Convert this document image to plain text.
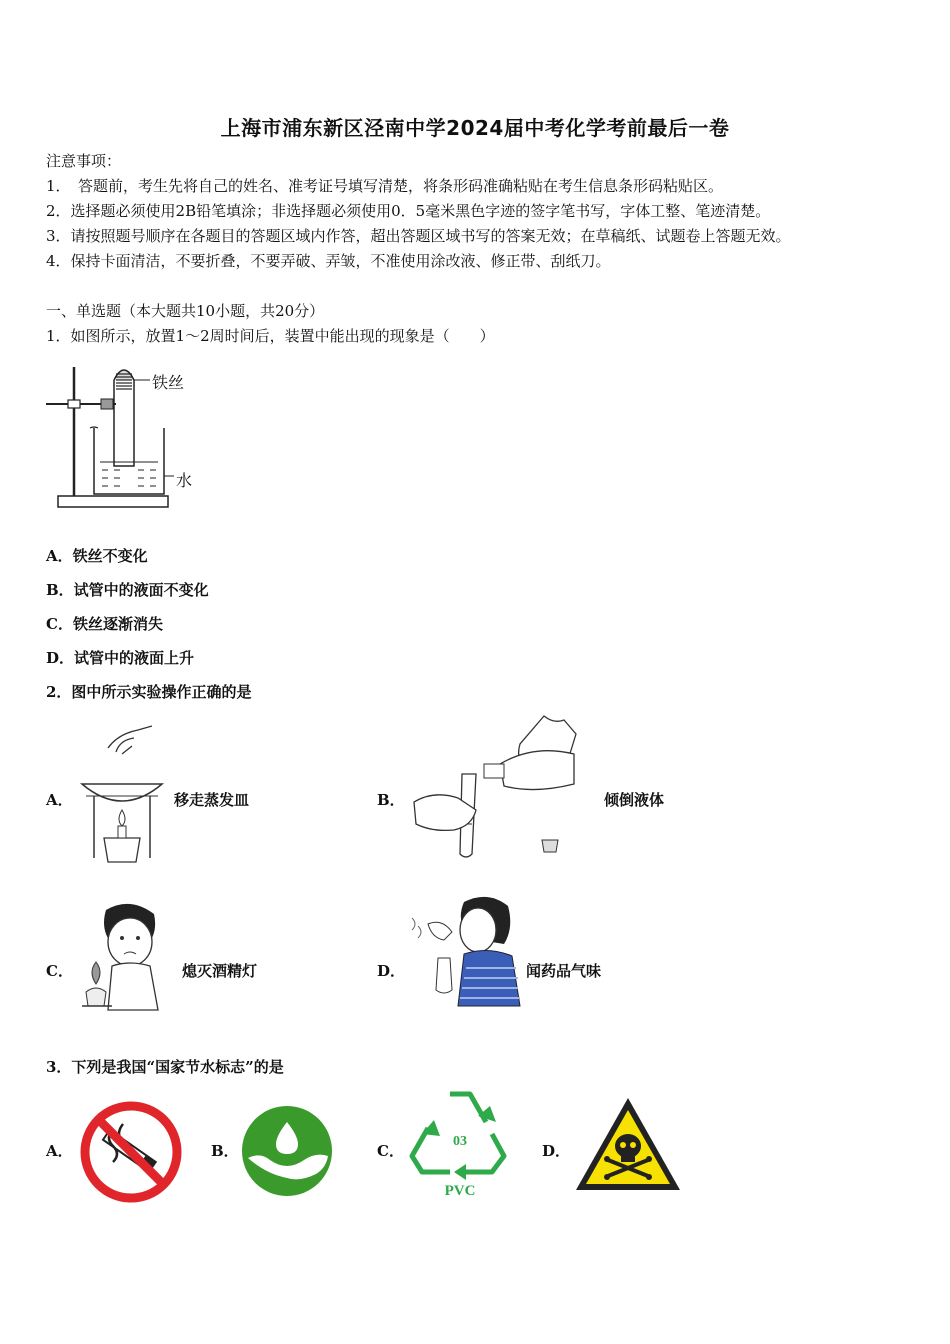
上海市浦东新区泾南中学2024届中考化学考前最后一卷
注意事项：
1．　答题前，考生先将自己的姓名、准考证号填写清楚，将条形码准确粘贴在考生信息条形码粘贴区。
2．选择题必须使用2B铅笔填涂；非选择题必须使用0．5毫米黑色字迹的签字笔书写，字体工整、笔迹清楚。
3．请按照题号顺序在各题目的答题区域内作答，超出答题区域书写的答案无效；在草稿纸、试题卷上答题无效。
4．保持卡面清洁，不要折叠，不要弄破、弄皱，不准使用涂改液、修正带、刮纸刀。
一、单选题（本大题共10小题，共20分）
1．如图所示，放置1～2周时间后，装置中能出现的现象是（　　）
铁丝
水
A．铁丝不变化
B．试管中的液面不变化
C．铁丝逐渐消失
D．试管中的液面上升
2．图中所示实验操作正确的是
A．	移走蒸发皿	B．	倾倒液体
C．	熄灭酒精灯	D．	闻药品气味
3．下列是我国“国家节水标志”的是
A．	B．	C．
03
PVC
D．
